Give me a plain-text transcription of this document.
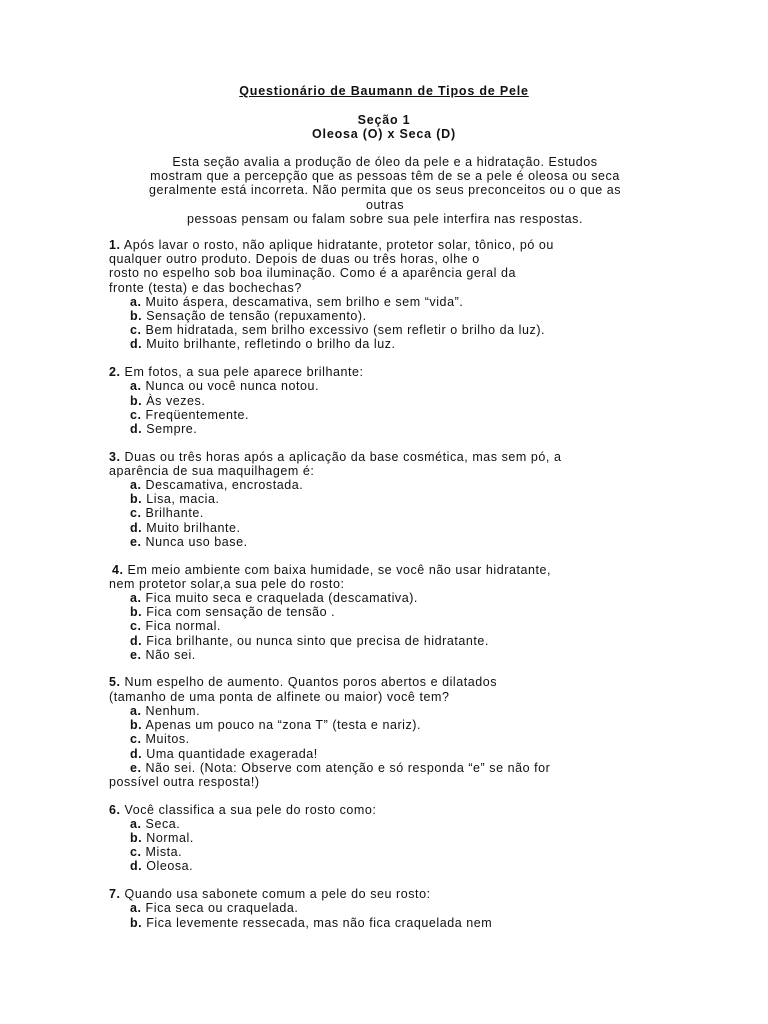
Questionário de Baumann de Tipos de Pele
Seção 1
Oleosa (O) x Seca (D)
Esta seção avalia a produção de óleo da pele e a hidratação. Estudos
mostram que a percepção que as pessoas têm de se a pele é oleosa ou seca
geralmente está incorreta. Não permita que os seus preconceitos ou o que as
outras
pessoas pensam ou falam sobre sua pele interfira nas respostas.
1. Após lavar o rosto, não aplique hidratante, protetor solar, tônico, pó ou
qualquer outro produto. Depois de duas ou três horas, olhe o
rosto no espelho sob boa iluminação. Como é a aparência geral da
fronte (testa) e das bochechas?
a. Muito áspera, descamativa, sem brilho e sem “vida”.
b. Sensação de tensão (repuxamento).
c. Bem hidratada, sem brilho excessivo (sem refletir o brilho da luz).
d. Muito brilhante, refletindo o brilho da luz.
2. Em fotos, a sua pele aparece brilhante:
a. Nunca ou você nunca notou.
b. Às vezes.
c. Freqüentemente.
d. Sempre.
3. Duas ou três horas após a aplicação da base cosmética, mas sem pó, a
aparência de sua maquilhagem é:
a. Descamativa, encrostada.
b. Lisa, macia.
c. Brilhante.
d. Muito brilhante.
e. Nunca uso base.
4. Em meio ambiente com baixa humidade, se você não usar hidratante,
nem protetor solar,a sua pele do rosto:
a. Fica muito seca e craquelada (descamativa).
b. Fica com sensação de tensão .
c. Fica normal.
d. Fica brilhante, ou nunca sinto que precisa de hidratante.
e. Não sei.
5. Num espelho de aumento. Quantos poros abertos e dilatados
(tamanho de uma ponta de alfinete ou maior) você tem?
a. Nenhum.
b. Apenas um pouco na “zona T” (testa e nariz).
c. Muitos.
d. Uma quantidade exagerada!
e. Não sei. (Nota: Observe com atenção e só responda “e” se não for
possível outra resposta!)
6. Você classifica a sua pele do rosto como:
a. Seca.
b. Normal.
c. Mista.
d. Oleosa.
7. Quando usa sabonete comum a pele do seu rosto:
a. Fica seca ou craquelada.
b. Fica levemente ressecada, mas não fica craquelada nem
